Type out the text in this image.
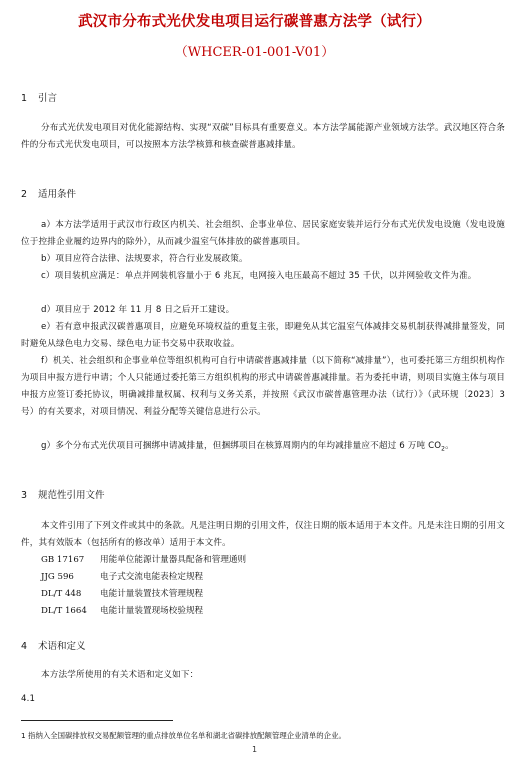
武汉市分布式光伏发电项目运行碳普惠方法学（试行）
（WHCER-01-001-V01）
1 引言
分布式光伏发电项目对优化能源结构、实现“双碳”目标具有重要意义。本方法学属能源产业领域方法学。武汉地区符合条件的分布式光伏发电项目，可以按照本方法学核算和核查碳普惠减排量。
2 适用条件
a）本方法学适用于武汉市行政区内机关、社会组织、企事业单位、居民家庭安装并运行分布式光伏发电设施（发电设施位于控排企业履约边界内的除外），从而减少温室气体排放的碳普惠项目。
b）项目应符合法律、法规要求，符合行业发展政策。
c）项目装机应满足：单点并网装机容量小于 6 兆瓦，电网接入电压最高不超过 35 千伏，以并网验收文件为准。
d）项目应于 2012 年 11 月 8 日之后开工建设。
e）若有意申报武汉碳普惠项目，应避免环境权益的重复主张，即避免从其它温室气体减排交易机制获得减排量签发，同时避免从绿色电力交易、绿色电力证书交易中获取收益。
f）机关、社会组织和企事业单位等组织机构可自行申请碳普惠减排量（以下简称“减排量”），也可委托第三方组织机构作为项目申报方进行申请；个人只能通过委托第三方组织机构的形式申请碳普惠减排量。若为委托申请，则项目实施主体与项目申报方应签订委托协议，明确减排量权属、权利与义务关系，并按照《武汉市碳普惠管理办法（试行）》（武环规〔2023〕3 号）的有关要求，对项目情况、利益分配等关键信息进行公示。
g）多个分布式光伏项目可捆绑申请减排量，但捆绑项目在核算周期内的年均减排量应不超过 6 万吨 $CO_2$。
3 规范性引用文件
本文件引用了下列文件或其中的条款。凡是注明日期的引用文件，仅注日期的版本适用于本文件。凡是未注日期的引用文件，其有效版本（包括所有的修改单）适用于本文件。
GB 17167 用能单位能源计量器具配备和管理通则
JJG 596	电子式交流电能表检定规程
DL/T 448 电能计量装置技术管理规程
DL/T 1664 电能计量装置现场校验规程
4 术语和定义
本方法学所使用的有关术语和定义如下：
4.1
1 指纳入全国碳排放权交易配额管理的重点排放单位名单和湖北省碳排放配额管理企业清单的企业。
1
